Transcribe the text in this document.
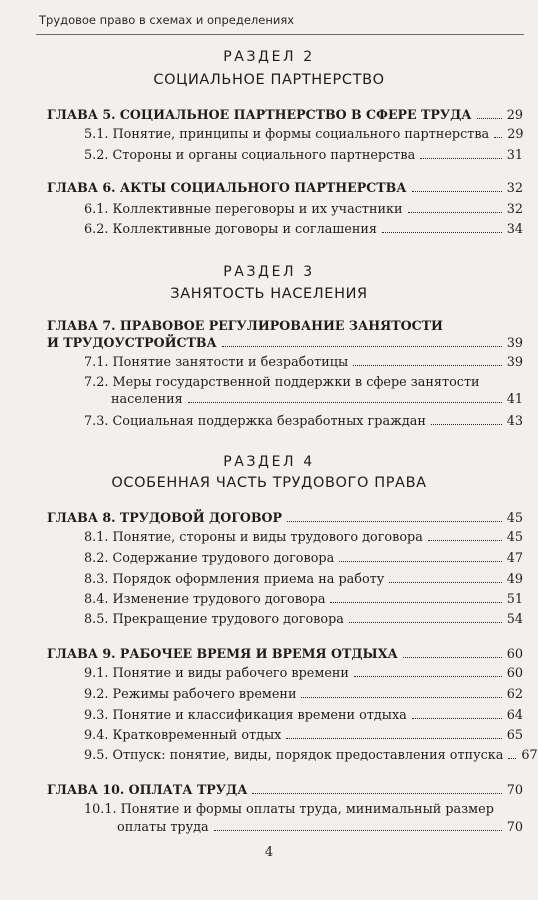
Трудовое право в схемах и определениях
РАЗДЕЛ 2
СОЦИАЛЬНОЕ ПАРТНЕРСТВО
ГЛАВА 5. СОЦИАЛЬНОЕ ПАРТНЕРСТВО В СФЕРЕ ТРУДА	29
5.1. Понятие, принципы и формы социального партнерства 29
5.2. Стороны и органы социального партнерства	31
ГЛАВА 6. АКТЫ СОЦИАЛЬНОГО ПАРТНЕРСТВА	32
6.1. Коллективные переговоры и их участники	32
6.2. Коллективные договоры и соглашения	34
РАЗДЕЛ 3
ЗАНЯТОСТЬ НАСЕЛЕНИЯ
ГЛАВА 7. ПРАВОВОЕ РЕГУЛИРОВАНИЕ ЗАНЯТОСТИ
И ТРУДОУСТРОЙСТВА	39
7.1. Понятие занятости и безработицы	39
7.2. Меры государственной поддержки в сфере занятости
населения	41
7.3. Социальная поддержка безработных граждан	43
РАЗДЕЛ 4
ОСОБЕННАЯ ЧАСТЬ ТРУДОВОГО ПРАВА
ГЛАВА 8. ТРУДОВОЙ ДОГОВОР	45
8.1. Понятие, стороны и виды трудового договора	45
8.2. Содержание трудового договора	47
8.3. Порядок оформления приема на работу	49
8.4. Изменение трудового договора	51
8.5. Прекращение трудового договора	54
ГЛАВА 9. РАБОЧЕЕ ВРЕМЯ И ВРЕМЯ ОТДЫХА	60
9.1. Понятие и виды рабочего времени	60
9.2. Режимы рабочего времени	62
9.3. Понятие и классификация времени отдыха	64
9.4. Кратковременный отдых	65
9.5. Отпуск: понятие, виды, порядок предоставления отпуска 67
ГЛАВА 10. ОПЛАТА ТРУДА	70
10.1. Понятие и формы оплаты труда, минимальный размер
оплаты труда	70
4
